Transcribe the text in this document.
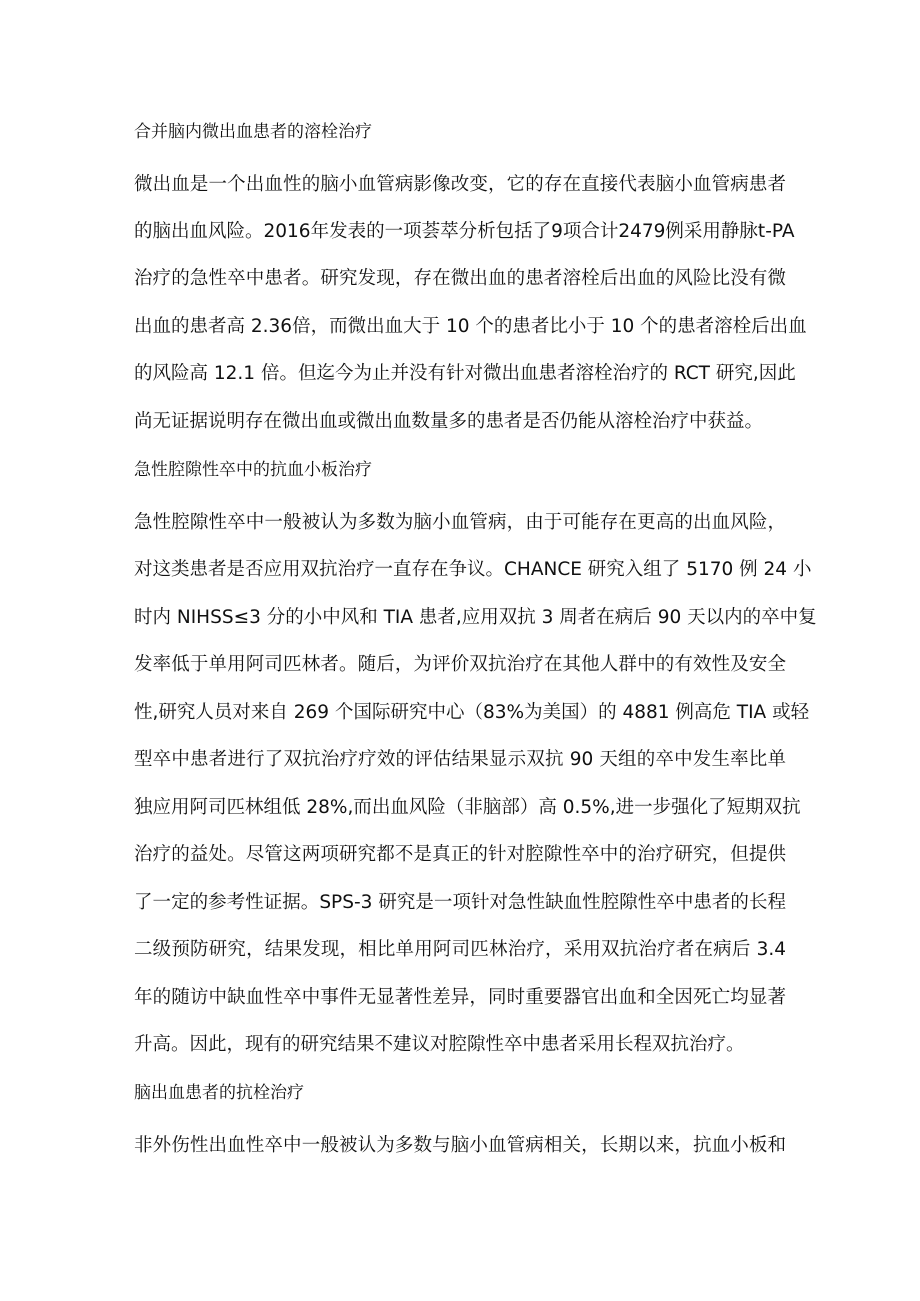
合并脑内微出血患者的溶栓治疗
微出血是一个出血性的脑小血管病影像改变，它的存在直接代表脑小血管病患者
的脑出血风险。2016年发表的一项荟萃分析包括了9项合计2479例采用静脉t-PA
治疗的急性卒中患者。研究发现，存在微出血的患者溶栓后出血的风险比没有微
出血的患者高 2.36倍，而微出血大于 10 个的患者比小于 10 个的患者溶栓后出血
的风险高 12.1 倍。但迄今为止并没有针对微出血患者溶栓治疗的 RCT 研究,因此
尚无证据说明存在微出血或微出血数量多的患者是否仍能从溶栓治疗中获益。
急性腔隙性卒中的抗血小板治疗
急性腔隙性卒中一般被认为多数为脑小血管病，由于可能存在更高的出血风险，
对这类患者是否应用双抗治疗一直存在争议。CHANCE 研究入组了 5170 例 24 小
时内 NIHSS≤3 分的小中风和 TIA 患者,应用双抗 3 周者在病后 90 天以内的卒中复
发率低于单用阿司匹林者。随后，为评价双抗治疗在其他人群中的有效性及安全
性,研究人员对来自 269 个国际研究中心（83%为美国）的 4881 例高危 TIA 或轻
型卒中患者进行了双抗治疗疗效的评估结果显示双抗 90 天组的卒中发生率比单
独应用阿司匹林组低 28%,而出血风险（非脑部）高 0.5%,进一步强化了短期双抗
治疗的益处。尽管这两项研究都不是真正的针对腔隙性卒中的治疗研究，但提供
了一定的参考性证据。SPS-3 研究是一项针对急性缺血性腔隙性卒中患者的长程
二级预防研究，结果发现，相比单用阿司匹林治疗，采用双抗治疗者在病后 3.4
年的随访中缺血性卒中事件无显著性差异，同时重要器官出血和全因死亡均显著
升高。因此，现有的研究结果不建议对腔隙性卒中患者采用长程双抗治疗。
脑出血患者的抗栓治疗
非外伤性出血性卒中一般被认为多数与脑小血管病相关，长期以来，抗血小板和
